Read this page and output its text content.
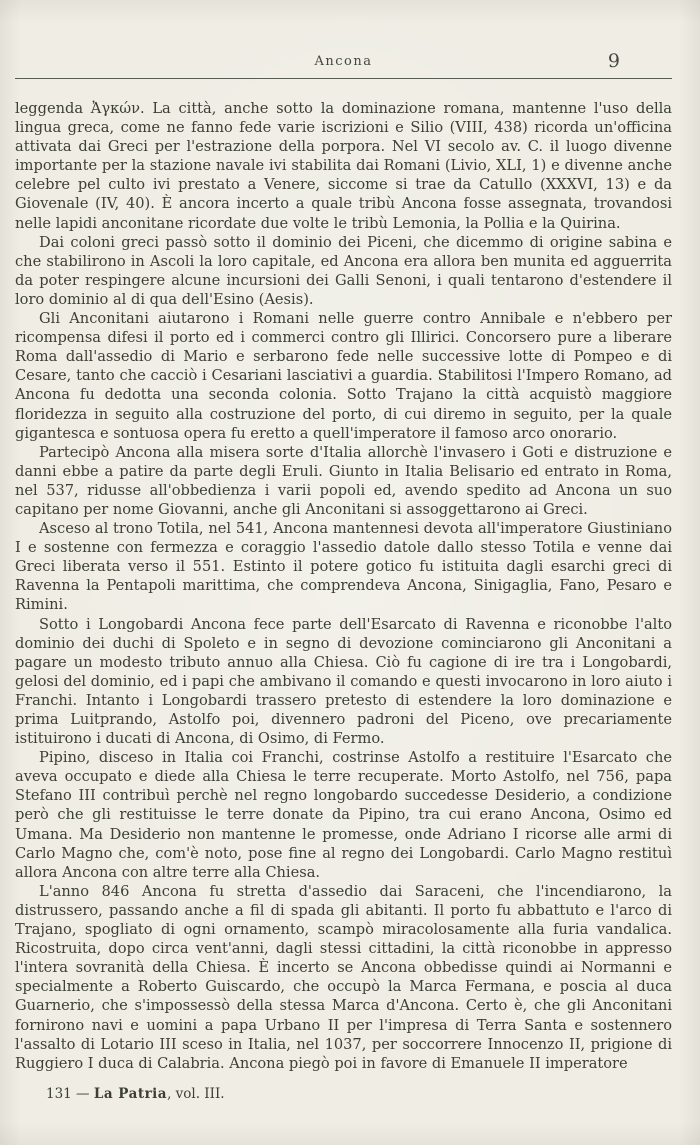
Ancona	9

leggenda Ἀγκών. La città, anche sotto la dominazione romana, mantenne l'uso della lingua greca, come ne fanno fede varie iscrizioni e Silio (VIII, 438) ricorda un'officina attivata dai Greci per l'estrazione della porpora. Nel VI secolo av. C. il luogo divenne importante per la stazione navale ivi stabilita dai Romani (Livio, XLI, 1) e divenne anche celebre pel culto ivi prestato a Venere, siccome si trae da Catullo (XXXVI, 13) e da Giovenale (IV, 40). È ancora incerto a quale tribù Ancona fosse assegnata, trovandosi nelle lapidi anconitane ricordate due volte le tribù Lemonia, la Pollia e la Quirina.

Dai coloni greci passò sotto il dominio dei Piceni, che dicemmo di origine sabina e che stabilirono in Ascoli la loro capitale, ed Ancona era allora ben munita ed agguerrita da poter respingere alcune incursioni dei Galli Senoni, i quali tentarono d'estendere il loro dominio al di qua dell'Esino (Aesis).

Gli Anconitani aiutarono i Romani nelle guerre contro Annibale e n'ebbero per ricompensa difesi il porto ed i commerci contro gli Illirici. Concorsero pure a liberare Roma dall'assedio di Mario e serbarono fede nelle successive lotte di Pompeo e di Cesare, tanto che cacciò i Cesariani lasciativi a guardia. Stabilitosi l'Impero Romano, ad Ancona fu dedotta una seconda colonia. Sotto Trajano la città acquistò maggiore floridezza in seguito alla costruzione del porto, di cui diremo in seguito, per la quale gigantesca e sontuosa opera fu eretto a quell'imperatore il famoso arco onorario.

Partecipò Ancona alla misera sorte d'Italia allorchè l'invasero i Goti e distruzione e danni ebbe a patire da parte degli Eruli. Giunto in Italia Belisario ed entrato in Roma, nel 537, ridusse all'obbedienza i varii popoli ed, avendo spedito ad Ancona un suo capitano per nome Giovanni, anche gli Anconitani si assoggettarono ai Greci.

Asceso al trono Totila, nel 541, Ancona mantennesi devota all'imperatore Giustiniano I e sostenne con fermezza e coraggio l'assedio datole dallo stesso Totila e venne dai Greci liberata verso il 551. Estinto il potere gotico fu istituita dagli esarchi greci di Ravenna la Pentapoli marittima, che comprendeva Ancona, Sinigaglia, Fano, Pesaro e Rimini.

Sotto i Longobardi Ancona fece parte dell'Esarcato di Ravenna e riconobbe l'alto dominio dei duchi di Spoleto e in segno di devozione cominciarono gli Anconitani a pagare un modesto tributo annuo alla Chiesa. Ciò fu cagione di ire tra i Longobardi, gelosi del dominio, ed i papi che ambivano il comando e questi invocarono in loro aiuto i Franchi. Intanto i Longobardi trassero pretesto di estendere la loro dominazione e prima Luitprando, Astolfo poi, divennero padroni del Piceno, ove precariamente istituirono i ducati di Ancona, di Osimo, di Fermo.

Pipino, disceso in Italia coi Franchi, costrinse Astolfo a restituire l'Esarcato che aveva occupato e diede alla Chiesa le terre recuperate. Morto Astolfo, nel 756, papa Stefano III contribuì perchè nel regno longobardo succedesse Desiderio, a condizione però che gli restituisse le terre donate da Pipino, tra cui erano Ancona, Osimo ed Umana. Ma Desiderio non mantenne le promesse, onde Adriano I ricorse alle armi di Carlo Magno che, com'è noto, pose fine al regno dei Longobardi. Carlo Magno restituì allora Ancona con altre terre alla Chiesa.

L'anno 846 Ancona fu stretta d'assedio dai Saraceni, che l'incendiarono, la distrussero, passando anche a fil di spada gli abitanti. Il porto fu abbattuto e l'arco di Trajano, spogliato di ogni ornamento, scampò miracolosamente alla furia vandalica. Ricostruita, dopo circa vent'anni, dagli stessi cittadini, la città riconobbe in appresso l'intera sovranità della Chiesa. È incerto se Ancona obbedisse quindi ai Normanni e specialmente a Roberto Guiscardo, che occupò la Marca Fermana, e poscia al duca Guarnerio, che s'impossessò della stessa Marca d'Ancona. Certo è, che gli Anconitani fornirono navi e uomini a papa Urbano II per l'impresa di Terra Santa e sostennero l'assalto di Lotario III sceso in Italia, nel 1037, per soccorrere Innocenzo II, prigione di Ruggiero I duca di Calabria. Ancona piegò poi in favore di Emanuele II imperatore

131 — La Patria, vol. III.
